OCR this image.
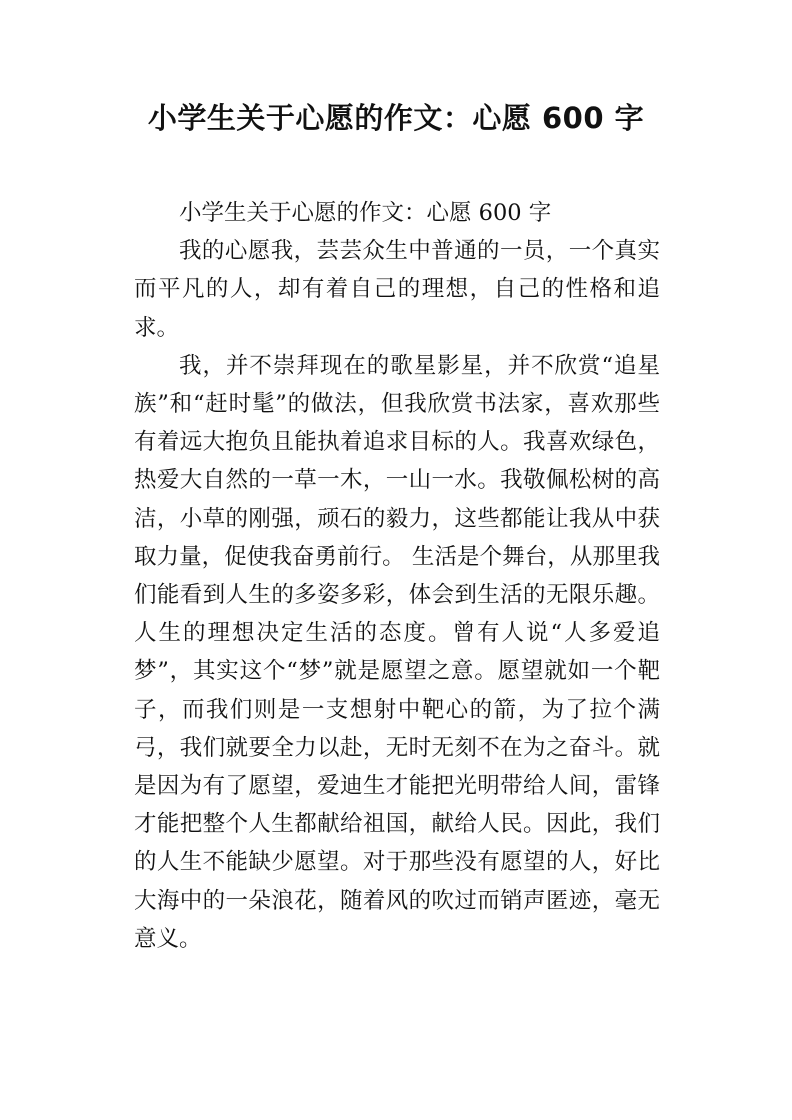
小学生关于心愿的作文：心愿 600 字

小学生关于心愿的作文：心愿 600 字

我的心愿我，芸芸众生中普通的一员，一个真实而平凡的人，却有着自己的理想，自己的性格和追求。

我，并不崇拜现在的歌星影星，并不欣赏“追星族”和“赶时髦”的做法，但我欣赏书法家，喜欢那些有着远大抱负且能执着追求目标的人。我喜欢绿色，热爱大自然的一草一木，一山一水。我敬佩松树的高洁，小草的刚强，顽石的毅力，这些都能让我从中获取力量，促使我奋勇前行。 生活是个舞台，从那里我们能看到人生的多姿多彩，体会到生活的无限乐趣。人生的理想决定生活的态度。曾有人说“人多爱追梦”，其实这个“梦”就是愿望之意。愿望就如一个靶子，而我们则是一支想射中靶心的箭，为了拉个满弓，我们就要全力以赴，无时无刻不在为之奋斗。就是因为有了愿望，爱迪生才能把光明带给人间，雷锋才能把整个人生都献给祖国，献给人民。因此，我们的人生不能缺少愿望。对于那些没有愿望的人，好比大海中的一朵浪花，随着风的吹过而销声匿迹，毫无意义。
